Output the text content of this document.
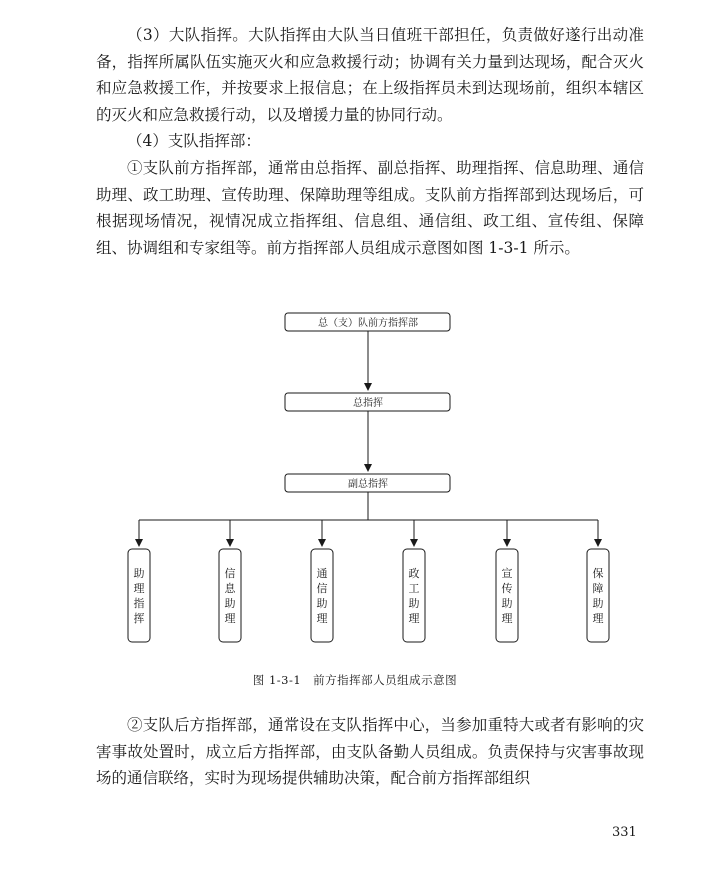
（3）大队指挥。大队指挥由大队当日值班干部担任，负责做好遂行出动准备，指挥所属队伍实施灭火和应急救援行动；协调有关力量到达现场，配合灭火和应急救援工作，并按要求上报信息；在上级指挥员未到达现场前，组织本辖区的灭火和应急救援行动，以及增援力量的协同行动。

（4）支队指挥部：

①支队前方指挥部，通常由总指挥、副总指挥、助理指挥、信息助理、通信助理、政工助理、宣传助理、保障助理等组成。支队前方指挥部到达现场后，可根据现场情况，视情况成立指挥组、信息组、通信组、政工组、宣传组、保障组、协调组和专家组等。前方指挥部人员组成示意图如图 1-3-1 所示。

总（支）队前方指挥部
总指挥
副总指挥
助理指挥
信息助理
通信助理
政工助理
宣传助理
保障助理
图 1-3-1　前方指挥部人员组成示意图

②支队后方指挥部，通常设在支队指挥中心，当参加重特大或者有影响的灾害事故处置时，成立后方指挥部，由支队备勤人员组成。负责保持与灾害事故现场的通信联络，实时为现场提供辅助决策，配合前方指挥部组织

331
